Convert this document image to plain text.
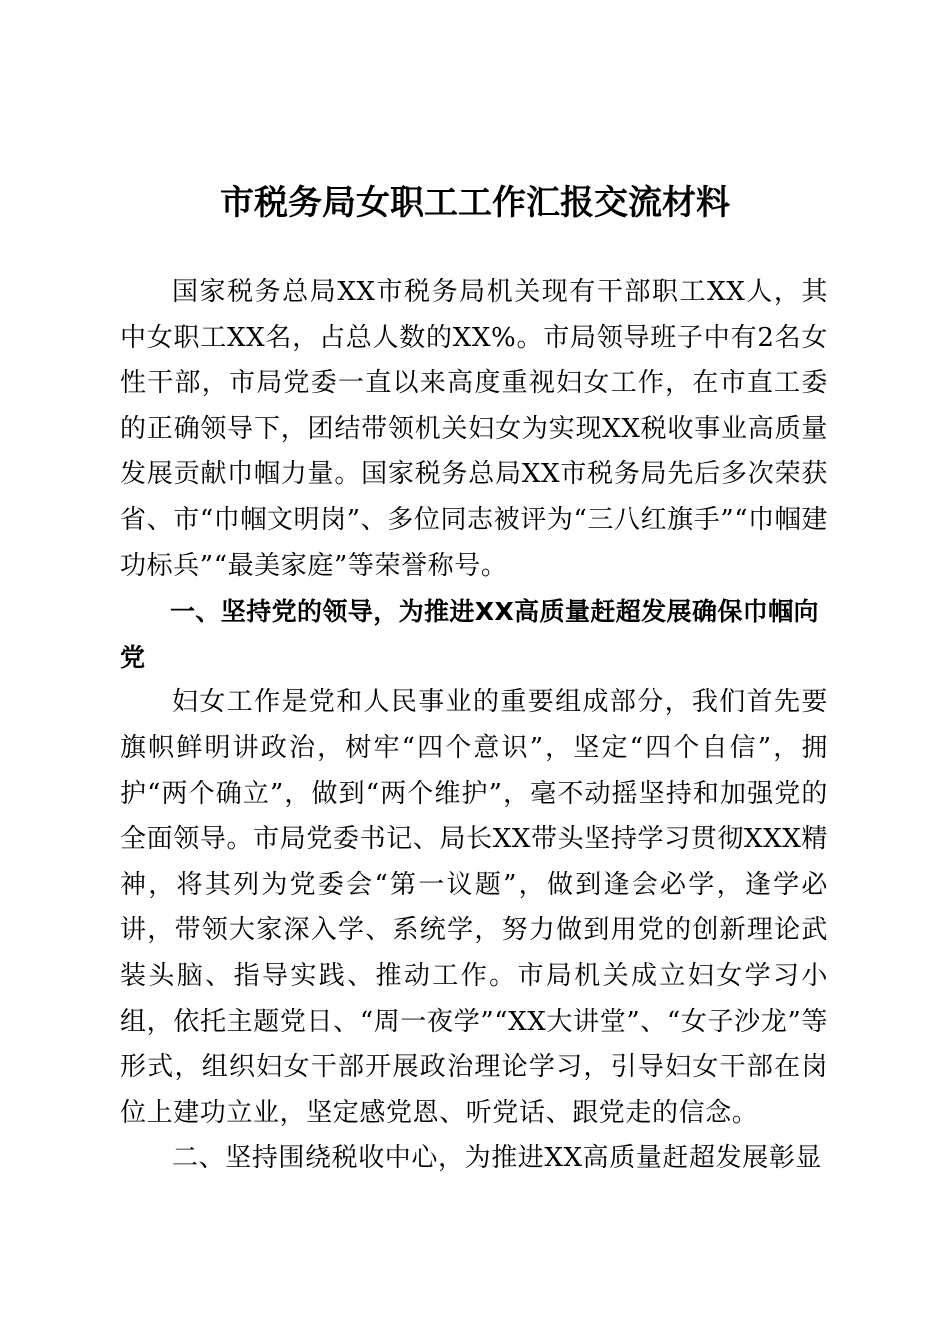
市税务局女职工工作汇报交流材料

国家税务总局XX市税务局机关现有干部职工XX人，其中女职工XX名，占总人数的XX%。市局领导班子中有2名女性干部，市局党委一直以来高度重视妇女工作，在市直工委的正确领导下，团结带领机关妇女为实现XX税收事业高质量发展贡献巾帼力量。国家税务总局XX市税务局先后多次荣获省、市“巾帼文明岗”、多位同志被评为“三八红旗手”“巾帼建功标兵”“最美家庭”等荣誉称号。

一、坚持党的领导，为推进XX高质量赶超发展确保巾帼向党

妇女工作是党和人民事业的重要组成部分，我们首先要旗帜鲜明讲政治，树牢“四个意识”，坚定“四个自信”，拥护“两个确立”，做到“两个维护”，毫不动摇坚持和加强党的全面领导。市局党委书记、局长XX带头坚持学习贯彻XXX精神，将其列为党委会“第一议题”，做到逢会必学，逢学必讲，带领大家深入学、系统学，努力做到用党的创新理论武装头脑、指导实践、推动工作。市局机关成立妇女学习小组，依托主题党日、“周一夜学”“XX大讲堂”、“女子沙龙”等形式，组织妇女干部开展政治理论学习，引导妇女干部在岗位上建功立业，坚定感党恩、听党话、跟党走的信念。

二、坚持围绕税收中心，为推进XX高质量赶超发展彰显
